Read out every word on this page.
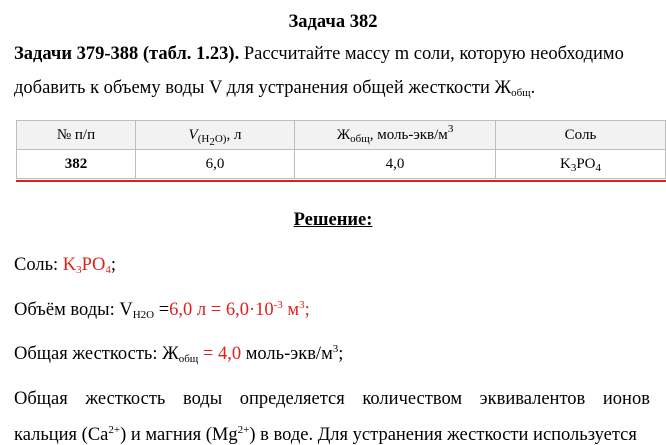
Задача 382
Задачи 379-388 (табл. 1.23). Рассчитайте массу m соли, которую необходимо
добавить к объему воды V для устранения общей жесткости $Ж_{общ}$.
№ п/п	$V_{(H_2O)}$, л	$Ж_{общ}$, моль-$экв/м^3$	Соль
382	6,0	4,0	$K_3PO_4$
Решение:
Соль: $K_3PO_4$;
Объём воды: $V_{H2O} =6,0$ $л = 6,0\cdot 10^{-3}$ $м^3$;
Общая жесткость: $Ж_{общ} = 4,0$ моль-$экв/м^3$;
Общая жесткость воды определяется количеством эквивалентов ионов
кальция $(Ca^{2+})$ и магния $(Mg^{2+})$ в воде. Для устранения жесткости используется
